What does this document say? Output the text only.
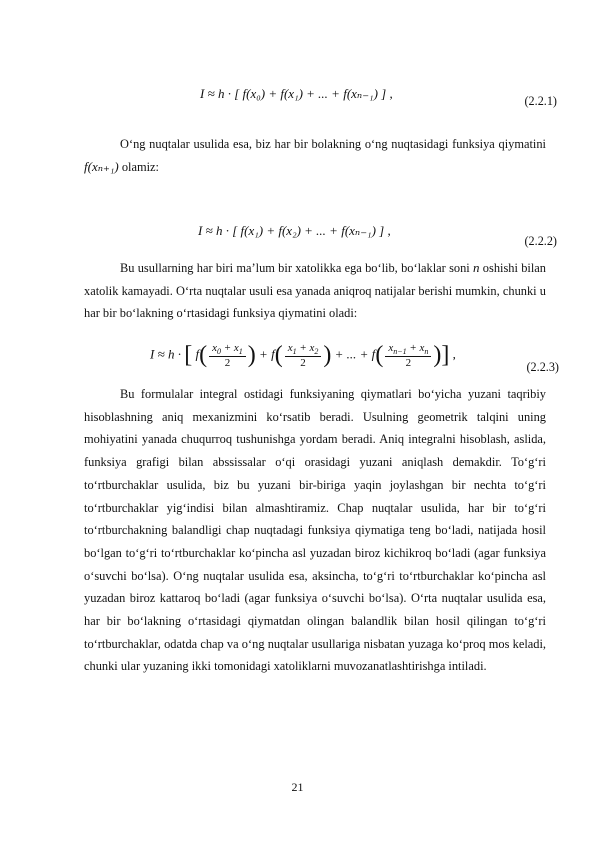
I ≈ h · [ f(x₀) + f(x₁) + ... + f(xₙ₋₁) ] ,	(2.2.1)
O‘ng nuqtalar usulida esa, biz har bir bolakning o‘ng nuqtasidagi funksiya qiymatini f(xₙ₊₁) olamiz:
I ≈ h · [ f(x₁) + f(x₂) + ... + f(xₙ₋₁) ] ,
(2.2.2)
Bu usullarning har biri ma’lum bir xatolikka ega bo‘lib, bo‘laklar soni n oshishi bilan xatolik kamayadi. O‘rta nuqtalar usuli esa yanada aniqroq natijalar berishi mumkin, chunki u har bir bo‘lakning o‘rtasidagi funksiya qiymatini oladi:
I ≈ h · [ $f( \frac{x_0 + x_1}{2}$ ) + $f( \frac{x_1 + x_2}{2}$ ) + ... + $f( \frac{x_{n-1} + x_n}{2}$ )] ,
(2.2.3)
Bu formulalar integral ostidagi funksiyaning qiymatlari bo‘yicha yuzani taqribiy hisoblashning aniq mexanizmini ko‘rsatib beradi. Usulning geometrik talqini uning mohiyatini yanada chuqurroq tushunishga yordam beradi. Aniq integralni hisoblash, aslida, funksiya grafigi bilan abssissalar o‘qi orasidagi yuzani aniqlash demakdir. To‘g‘ri to‘rtburchaklar usulida, biz bu yuzani bir-biriga yaqin joylashgan bir nechta to‘g‘ri to‘rtburchaklar yig‘indisi bilan almashtiramiz. Chap nuqtalar usulida, har bir to‘g‘ri to‘rtburchakning balandligi chap nuqtadagi funksiya qiymatiga teng bo‘ladi, natijada hosil bo‘lgan to‘g‘ri to‘rtburchaklar ko‘pincha asl yuzadan biroz kichikroq bo‘ladi (agar funksiya o‘suvchi bo‘lsa). O‘ng nuqtalar usulida esa, aksincha, to‘g‘ri to‘rtburchaklar ko‘pincha asl yuzadan biroz kattaroq bo‘ladi (agar funksiya o‘suvchi bo‘lsa). O‘rta nuqtalar usulida esa, har bir bo‘lakning o‘rtasidagi qiymatdan olingan balandlik bilan hosil qilingan to‘g‘ri to‘rtburchaklar, odatda chap va o‘ng nuqtalar usullariga nisbatan yuzaga ko‘proq mos keladi, chunki ular yuzaning ikki tomonidagi xatoliklarni muvozanatlashtirishga intiladi.
21
